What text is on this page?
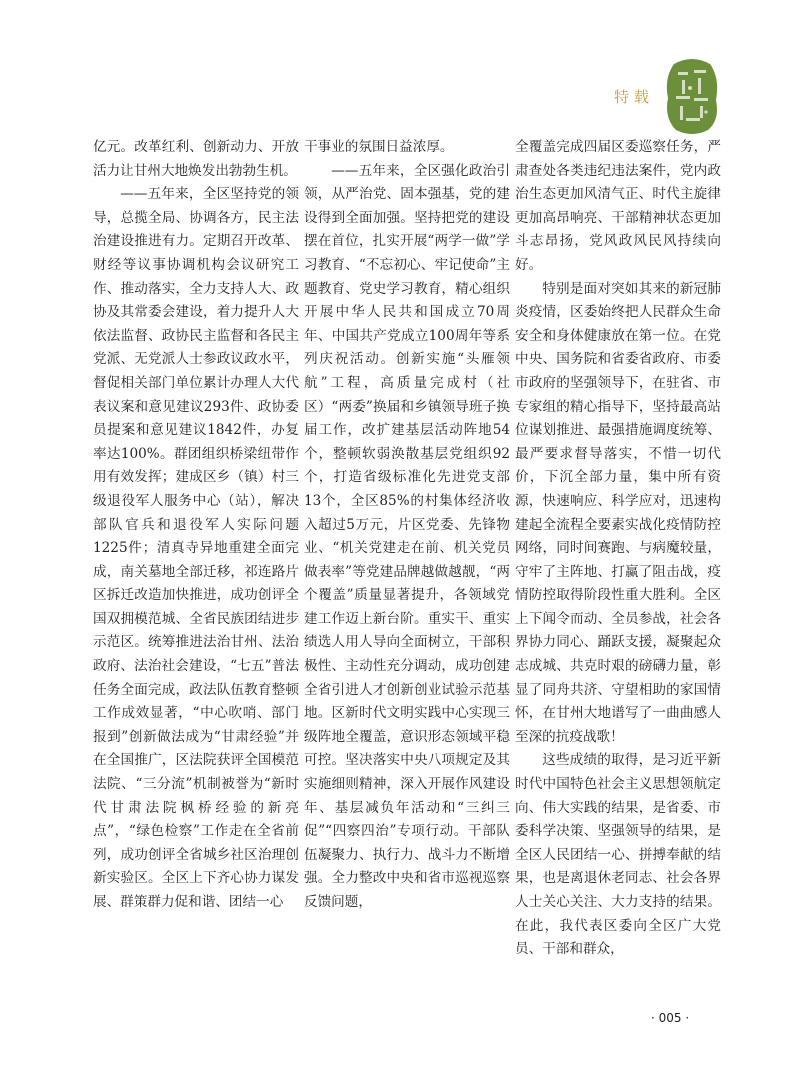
特载

亿元。改革红利、创新动力、开放活力让甘州大地焕发出勃勃生机。

——五年来，全区坚持党的领导，总揽全局、协调各方，民主法治建设推进有力。定期召开改革、财经等议事协调机构会议研究工作、推动落实，全力支持人大、政协及其常委会建设，着力提升人大依法监督、政协民主监督和各民主党派、无党派人士参政议政水平，督促相关部门单位累计办理人大代表议案和意见建议293件、政协委员提案和意见建议1842件，办复率达100%。群团组织桥梁纽带作用有效发挥；建成区乡（镇）村三级退役军人服务中心（站），解决部队官兵和退役军人实际问题1225件；清真寺异地重建全面完成，南关墓地全部迁移，祁连路片区拆迁改造加快推进，成功创评全国双拥模范城、全省民族团结进步示范区。统筹推进法治甘州、法治政府、法治社会建设，“七五”普法任务全面完成，政法队伍教育整顿工作成效显著，“中心吹哨、部门报到”创新做法成为“甘肃经验”并在全国推广，区法院获评全国模范法院、“三分流”机制被誉为“新时代甘肃法院枫桥经验的新亮点”，“绿色检察”工作走在全省前列，成功创评全省城乡社区治理创新实验区。全区上下齐心协力谋发展、群策群力促和谐、团结一心

干事业的氛围日益浓厚。

——五年来，全区强化政治引领，从严治党、固本强基，党的建设得到全面加强。坚持把党的建设摆在首位，扎实开展“两学一做”学习教育、“不忘初心、牢记使命”主题教育、党史学习教育，精心组织开展中华人民共和国成立70周年、中国共产党成立100周年等系列庆祝活动。创新实施“头雁领航”工程，高质量完成村（社区）“两委”换届和乡镇领导班子换届工作，改扩建基层活动阵地54个，整顿软弱涣散基层党组织92个，打造省级标准化先进党支部13个，全区85%的村集体经济收入超过5万元，片区党委、先锋物业、“机关党建走在前、机关党员做表率”等党建品牌越做越靓，“两个覆盖”质量显著提升，各领域党建工作迈上新台阶。重实干、重实绩选人用人导向全面树立，干部积极性、主动性充分调动，成功创建全省引进人才创新创业试验示范基地。区新时代文明实践中心实现三级阵地全覆盖，意识形态领域平稳可控。坚决落实中央八项规定及其实施细则精神，深入开展作风建设年、基层减负年活动和“三纠三促”“四察四治”专项行动。干部队伍凝聚力、执行力、战斗力不断增强。全力整改中央和省市巡视巡察反馈问题，

全覆盖完成四届区委巡察任务，严肃查处各类违纪违法案件，党内政治生态更加风清气正、时代主旋律更加高昂响亮、干部精神状态更加斗志昂扬，党风政风民风持续向好。

特别是面对突如其来的新冠肺炎疫情，区委始终把人民群众生命安全和身体健康放在第一位。在党中央、国务院和省委省政府、市委市政府的坚强领导下，在驻省、市专家组的精心指导下，坚持最高站位谋划推进、最强措施调度统筹、最严要求督导落实，不惜一切代价，下沉全部力量，集中所有资源，快速响应、科学应对，迅速构建起全流程全要素实战化疫情防控网络，同时间赛跑、与病魔较量，守牢了主阵地、打赢了阻击战，疫情防控取得阶段性重大胜利。全区上下闻令而动、全员参战，社会各界协力同心、踊跃支援，凝聚起众志成城、共克时艰的磅礴力量，彰显了同舟共济、守望相助的家国情怀，在甘州大地谱写了一曲曲感人至深的抗疫战歌！

这些成绩的取得，是习近平新时代中国特色社会主义思想领航定向、伟大实践的结果，是省委、市委科学决策、坚强领导的结果，是全区人民团结一心、拼搏奉献的结果，也是离退休老同志、社会各界人士关心关注、大力支持的结果。在此，我代表区委向全区广大党员、干部和群众，

· 005 ·
